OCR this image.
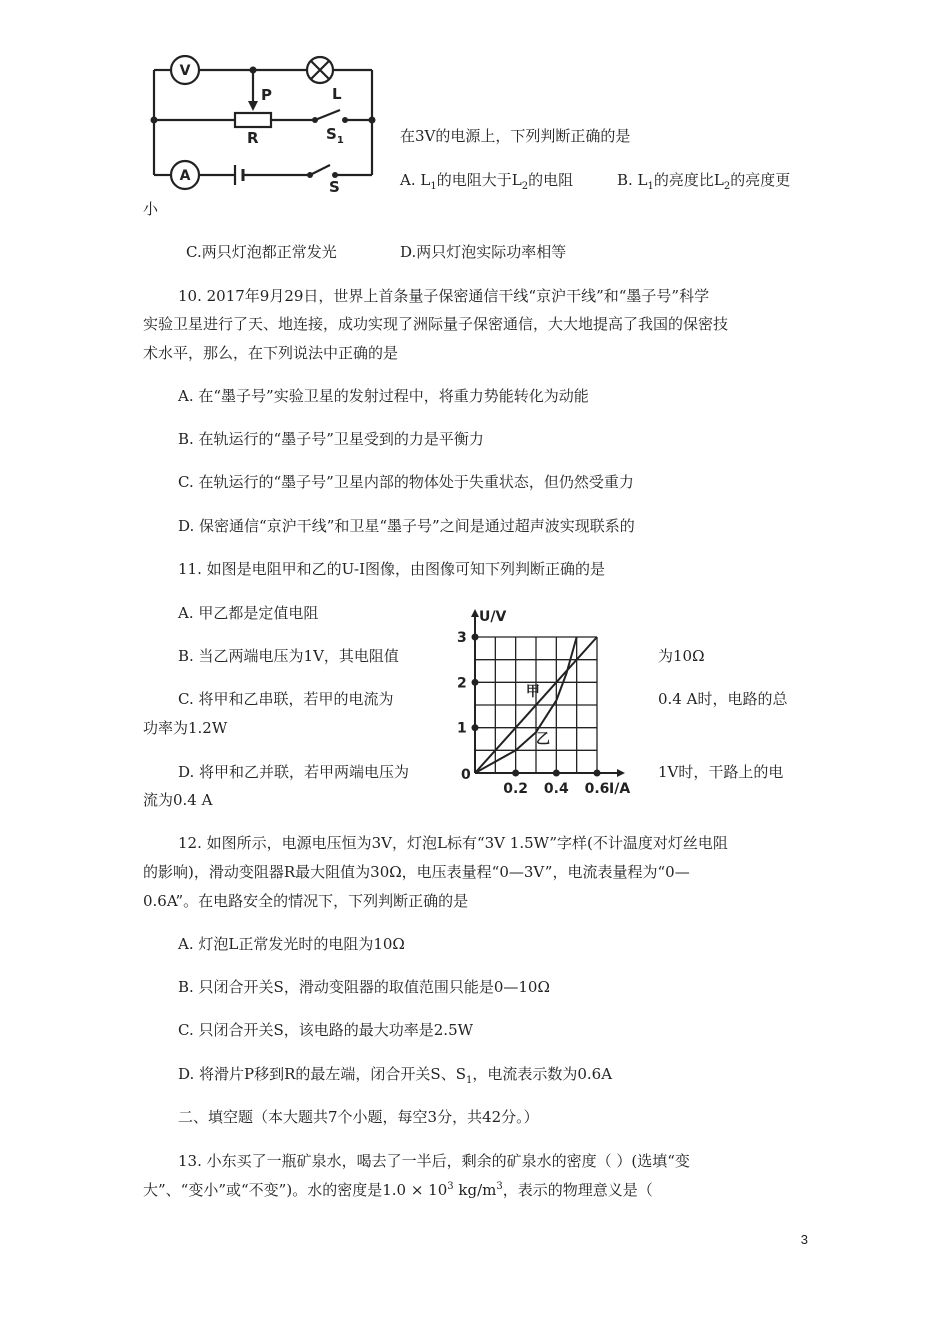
V
A
P
R
L
$S_1$
S
在3V的电源上，下列判断正确的是
A. $L_1$的电阻大于$L_2$的电阻	B. $L_1$的亮度比$L_2$的亮度更
小
C.两只灯泡都正常发光	D.两只灯泡实际功率相等
10. 2017年9月29日，世界上首条量子保密通信干线“京沪干线”和“墨子号”科学
实验卫星进行了天、地连接，成功实现了洲际量子保密通信，大大地提高了我国的保密技
术水平，那么，在下列说法中正确的是
A. 在“墨子号”实验卫星的发射过程中，将重力势能转化为动能
B. 在轨运行的“墨子号”卫星受到的力是平衡力
C. 在轨运行的“墨子号”卫星内部的物体处于失重状态，但仍然受重力
D. 保密通信“京沪干线”和卫星“墨子号”之间是通过超声波实现联系的
11. 如图是电阻甲和乙的U-I图像，由图像可知下列判断正确的是
A. 甲乙都是定值电阻
B. 当乙两端电压为1V，其电阻值	为10Ω
C. 将甲和乙串联，若甲的电流为	0.4 A时，电路的总
功率为1.2W
D. 将甲和乙并联，若甲两端电压为	1V时，干路上的电
流为0.4 A
U/V
I/A
0
0.2 0.4 0.6
1
2
3
甲
乙
12. 如图所示，电源电压恒为3V，灯泡L标有“3V 1.5W”字样(不计温度对灯丝电阻
的影响)，滑动变阻器R最大阻值为30Ω，电压表量程“0—3V”，电流表量程为“0—
0.6A”。在电路安全的情况下，下列判断正确的是
A. 灯泡L正常发光时的电阻为10Ω
B. 只闭合开关S，滑动变阻器的取值范围只能是0—10Ω
C. 只闭合开关S，该电路的最大功率是2.5W
D. 将滑片P移到R的最左端，闭合开关S、$S_1$，电流表示数为0.6A
二、填空题（本大题共7个小题，每空3分，共42分。）
13. 小东买了一瓶矿泉水，喝去了一半后，剩余的矿泉水的密度（ ）(选填“变
大”、“变小”或“不变”)。水的密度是$1.0 \times 10^3$ $kg/m^3$，表示的物理意义是（
3
